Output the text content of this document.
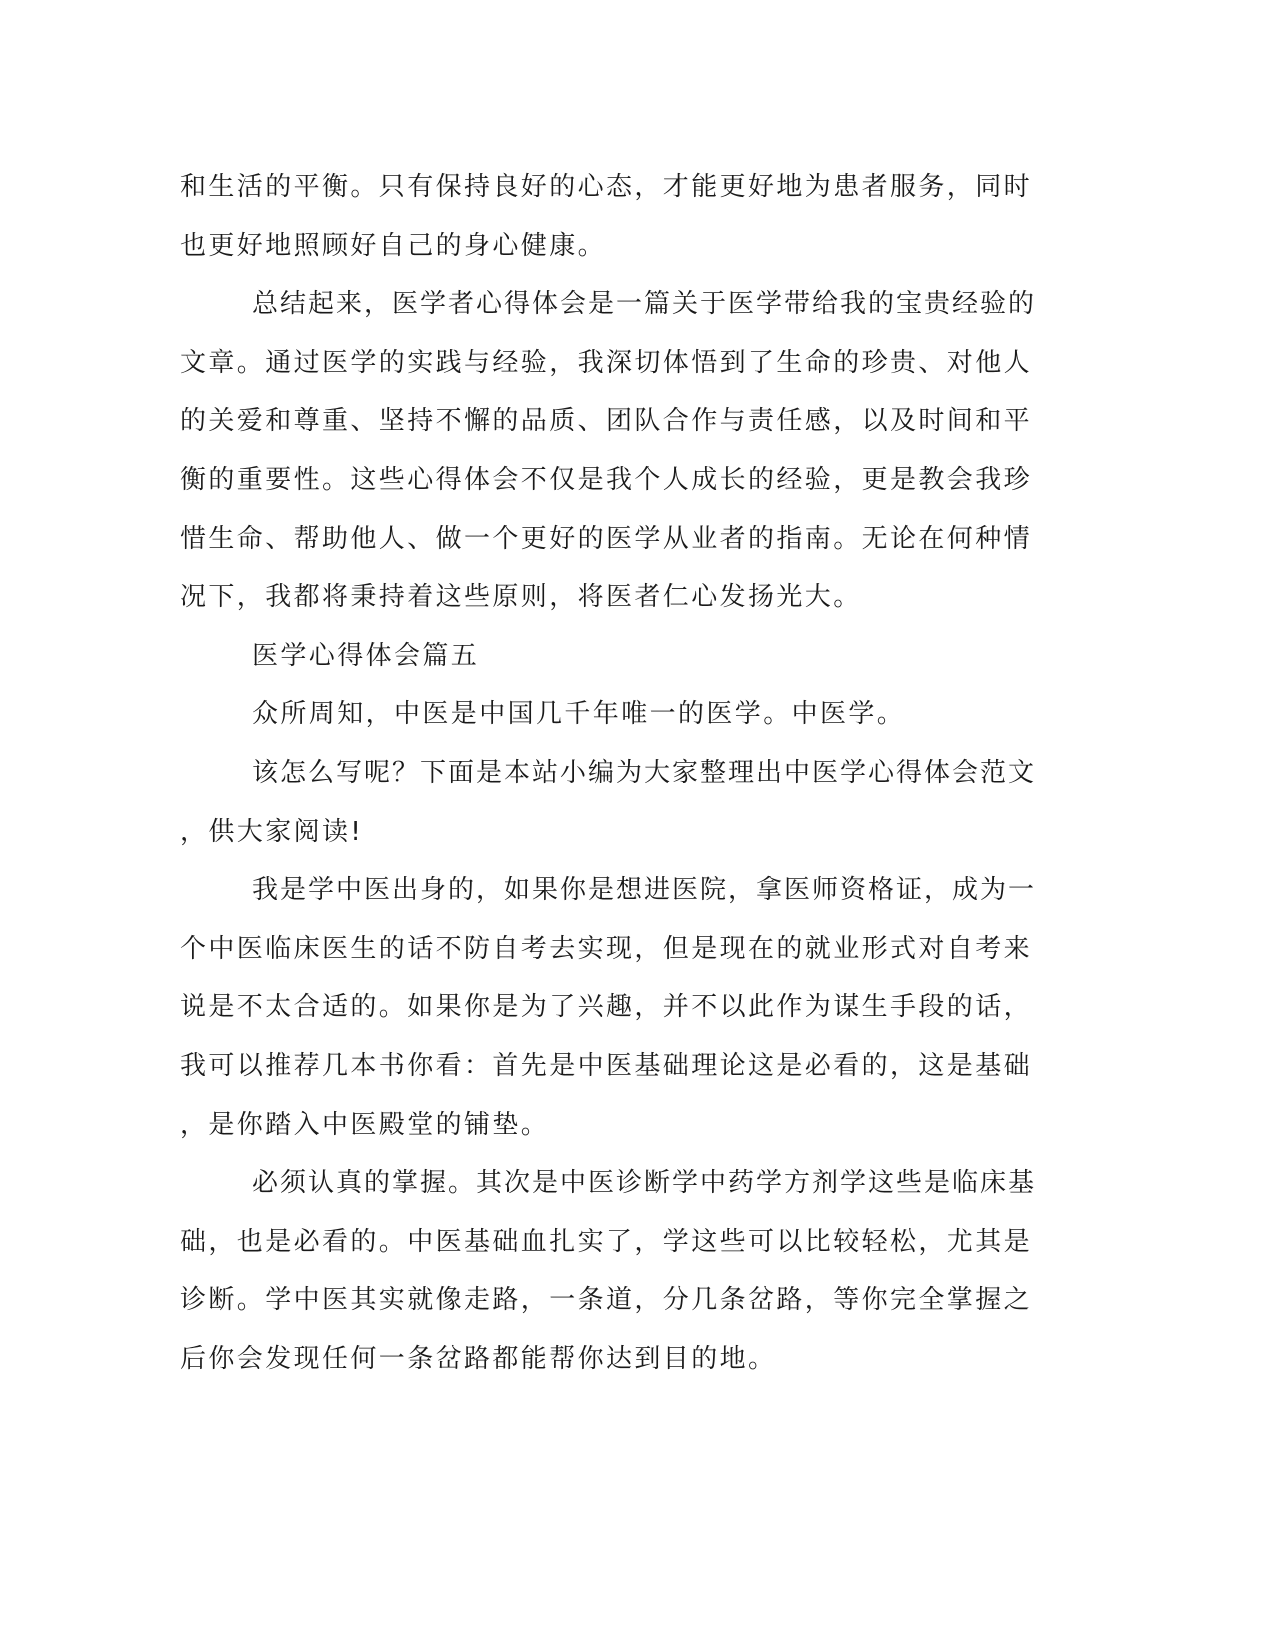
和生活的平衡。只有保持良好的心态，才能更好地为患者服务，同时

也更好地照顾好自己的身心健康。

总结起来，医学者心得体会是一篇关于医学带给我的宝贵经验的

文章。通过医学的实践与经验，我深切体悟到了生命的珍贵、对他人

的关爱和尊重、坚持不懈的品质、团队合作与责任感，以及时间和平

衡的重要性。这些心得体会不仅是我个人成长的经验，更是教会我珍

惜生命、帮助他人、做一个更好的医学从业者的指南。无论在何种情

况下，我都将秉持着这些原则，将医者仁心发扬光大。

医学心得体会篇五

众所周知，中医是中国几千年唯一的医学。中医学。

该怎么写呢？下面是本站小编为大家整理出中医学心得体会范文

，供大家阅读!

我是学中医出身的，如果你是想进医院，拿医师资格证，成为一

个中医临床医生的话不防自考去实现，但是现在的就业形式对自考来

说是不太合适的。如果你是为了兴趣，并不以此作为谋生手段的话，

我可以推荐几本书你看：首先是中医基础理论这是必看的，这是基础

，是你踏入中医殿堂的铺垫。

必须认真的掌握。其次是中医诊断学中药学方剂学这些是临床基

础，也是必看的。中医基础血扎实了，学这些可以比较轻松，尤其是

诊断。学中医其实就像走路，一条道，分几条岔路，等你完全掌握之

后你会发现任何一条岔路都能帮你达到目的地。
